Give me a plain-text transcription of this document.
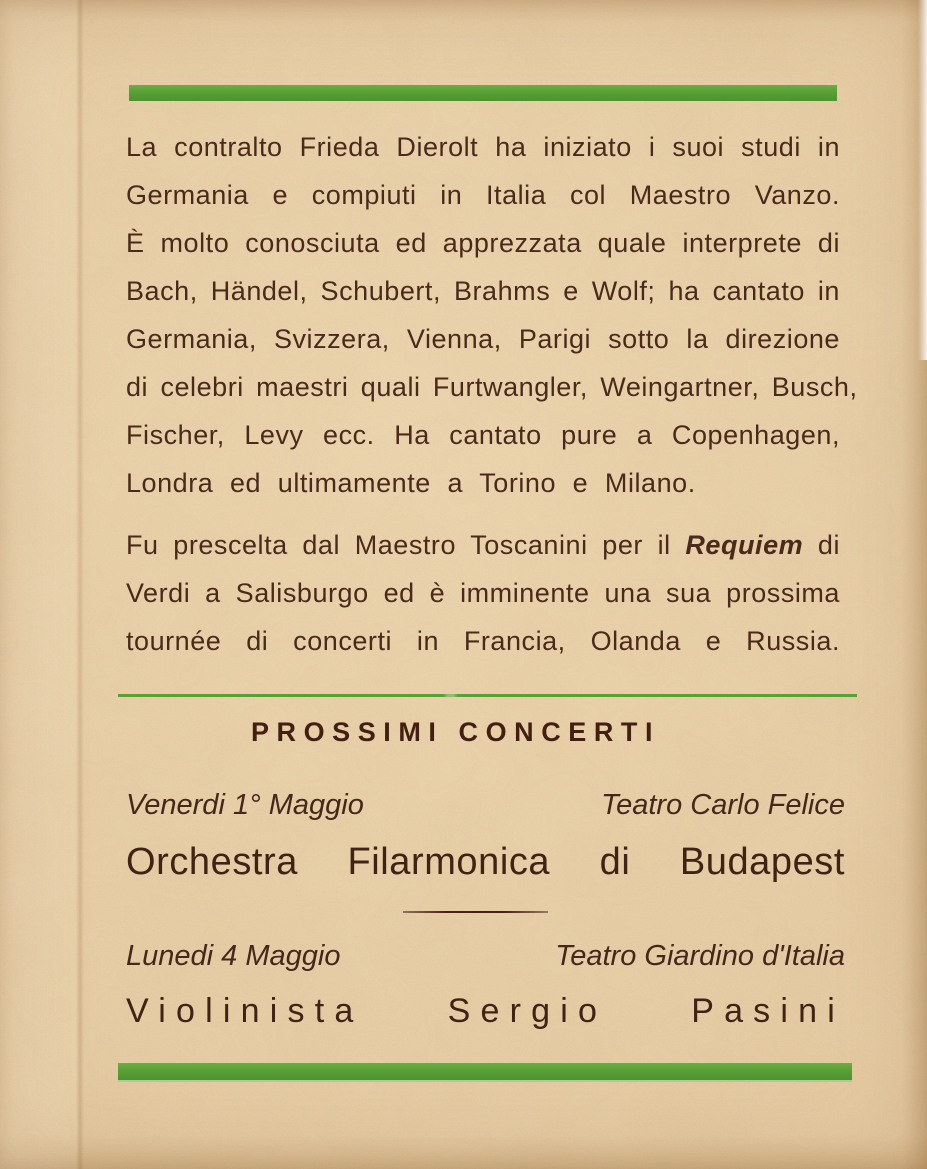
La contralto Frieda Dierolt ha iniziato i suoi studi in
Germania e compiuti in Italia col Maestro Vanzo.
È molto conosciuta ed apprezzata quale interprete di
Bach, Händel, Schubert, Brahms e Wolf; ha cantato in
Germania, Svizzera, Vienna, Parigi sotto la direzione
di celebri maestri quali Furtwangler, Weingartner, Busch,
Fischer, Levy ecc. Ha cantato pure a Copenhagen,
Londra ed ultimamente a Torino e Milano.
Fu prescelta dal Maestro Toscanini per il Requiem di
Verdi a Salisburgo ed è imminente una sua prossima
tournée di concerti in Francia, Olanda e Russia.
PROSSIMI CONCERTI
Venerdi 1° Maggio	Teatro Carlo Felice
Orchestra Filarmonica di Budapest
Lunedi 4 Maggio	Teatro Giardino d'Italia
Violinista Sergio Pasini
